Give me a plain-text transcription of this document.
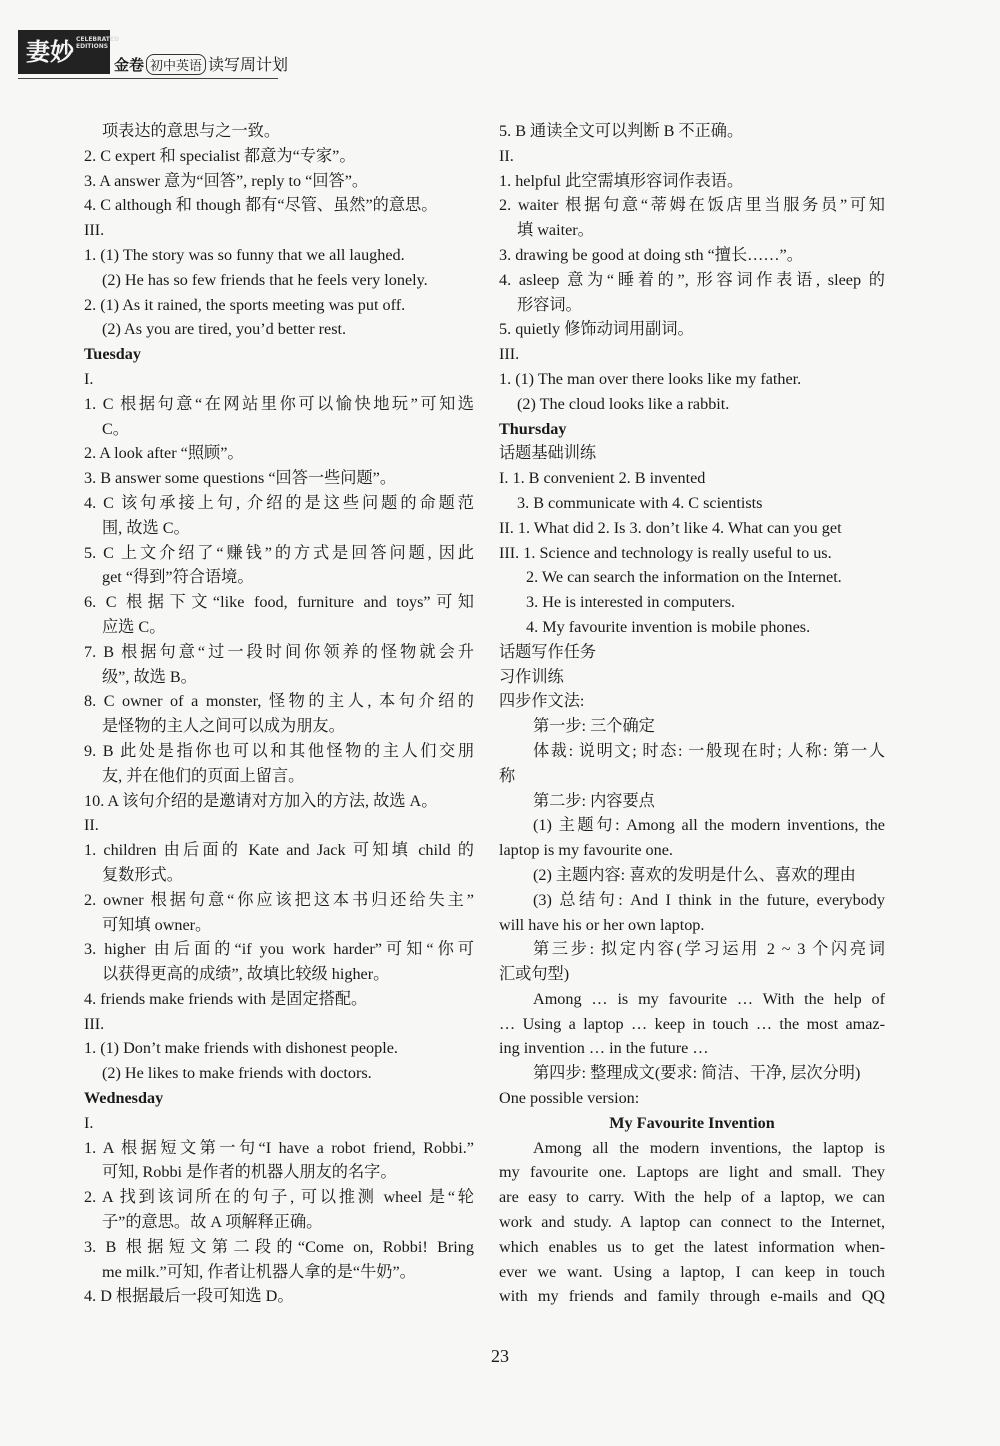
妻妙 CELEBRATED EDITIONS
金卷 初中英语 读写周计划
项表达的意思与之一致。
2. C expert 和 specialist 都意为“专家”。
3. A answer 意为“回答”, reply to “回答”。
4. C although 和 though 都有“尽管、虽然”的意思。
III.
1. (1) The story was so funny that we all laughed.
(2) He has so few friends that he feels very lonely.
2. (1) As it rained, the sports meeting was put off.
(2) As you are tired, you’d better rest.
Tuesday
I.
1. C 根据句意“在网站里你可以愉快地玩”可知选
C。
2. A look after “照顾”。
3. B answer some questions “回答一些问题”。
4. C 该句承接上句, 介绍的是这些问题的命题范
围, 故选 C。
5. C 上文介绍了“赚钱”的方式是回答问题, 因此
get “得到”符合语境。
6. C 根据下文“like food, furniture and toys”可知
应选 C。
7. B 根据句意“过一段时间你领养的怪物就会升
级”, 故选 B。
8. C owner of a monster, 怪物的主人, 本句介绍的
是怪物的主人之间可以成为朋友。
9. B 此处是指你也可以和其他怪物的主人们交朋
友, 并在他们的页面上留言。
10. A 该句介绍的是邀请对方加入的方法, 故选 A。
II.
1. children 由后面的 Kate and Jack 可知填 child 的
复数形式。
2. owner 根据句意“你应该把这本书归还给失主”
可知填 owner。
3. higher 由后面的“if you work harder”可知“你可
以获得更高的成绩”, 故填比较级 higher。
4. friends make friends with 是固定搭配。
III.
1. (1) Don’t make friends with dishonest people.
(2) He likes to make friends with doctors.
Wednesday
I.
1. A 根据短文第一句“I have a robot friend, Robbi.”
可知, Robbi 是作者的机器人朋友的名字。
2. A 找到该词所在的句子, 可以推测 wheel 是“轮
子”的意思。故 A 项解释正确。
3. B 根据短文第二段的“Come on, Robbi! Bring
me milk.”可知, 作者让机器人拿的是“牛奶”。
4. D 根据最后一段可知选 D。
5. B 通读全文可以判断 B 不正确。
II.
1. helpful 此空需填形容词作表语。
2. waiter 根据句意“蒂姆在饭店里当服务员”可知
填 waiter。
3. drawing be good at doing sth “擅长……”。
4. asleep 意为“睡着的”, 形容词作表语, sleep 的
形容词。
5. quietly 修饰动词用副词。
III.
1. (1) The man over there looks like my father.
(2) The cloud looks like a rabbit.
Thursday
话题基础训练
I. 1. B convenient 2. B invented
3. B communicate with 4. C scientists
II. 1. What did 2. Is 3. don’t like 4. What can you get
III. 1. Science and technology is really useful to us.
2. We can search the information on the Internet.
3. He is interested in computers.
4. My favourite invention is mobile phones.
话题写作任务
习作训练
四步作文法:
第一步: 三个确定
体裁: 说明文; 时态: 一般现在时; 人称: 第一人
称
第二步: 内容要点
(1) 主题句: Among all the modern inventions, the
laptop is my favourite one.
(2) 主题内容: 喜欢的发明是什么、喜欢的理由
(3) 总结句: And I think in the future, everybody
will have his or her own laptop.
第三步: 拟定内容(学习运用 2 ~ 3 个闪亮词
汇或句型)
Among … is my favourite … With the help of
… Using a laptop … keep in touch … the most amaz-
ing invention … in the future …
第四步: 整理成文(要求: 简洁、干净, 层次分明)
One possible version:
My Favourite Invention
Among all the modern inventions, the laptop is
my favourite one. Laptops are light and small. They
are easy to carry. With the help of a laptop, we can
work and study. A laptop can connect to the Internet,
which enables us to get the latest information when-
ever we want. Using a laptop, I can keep in touch
with my friends and family through e-mails and QQ
23
